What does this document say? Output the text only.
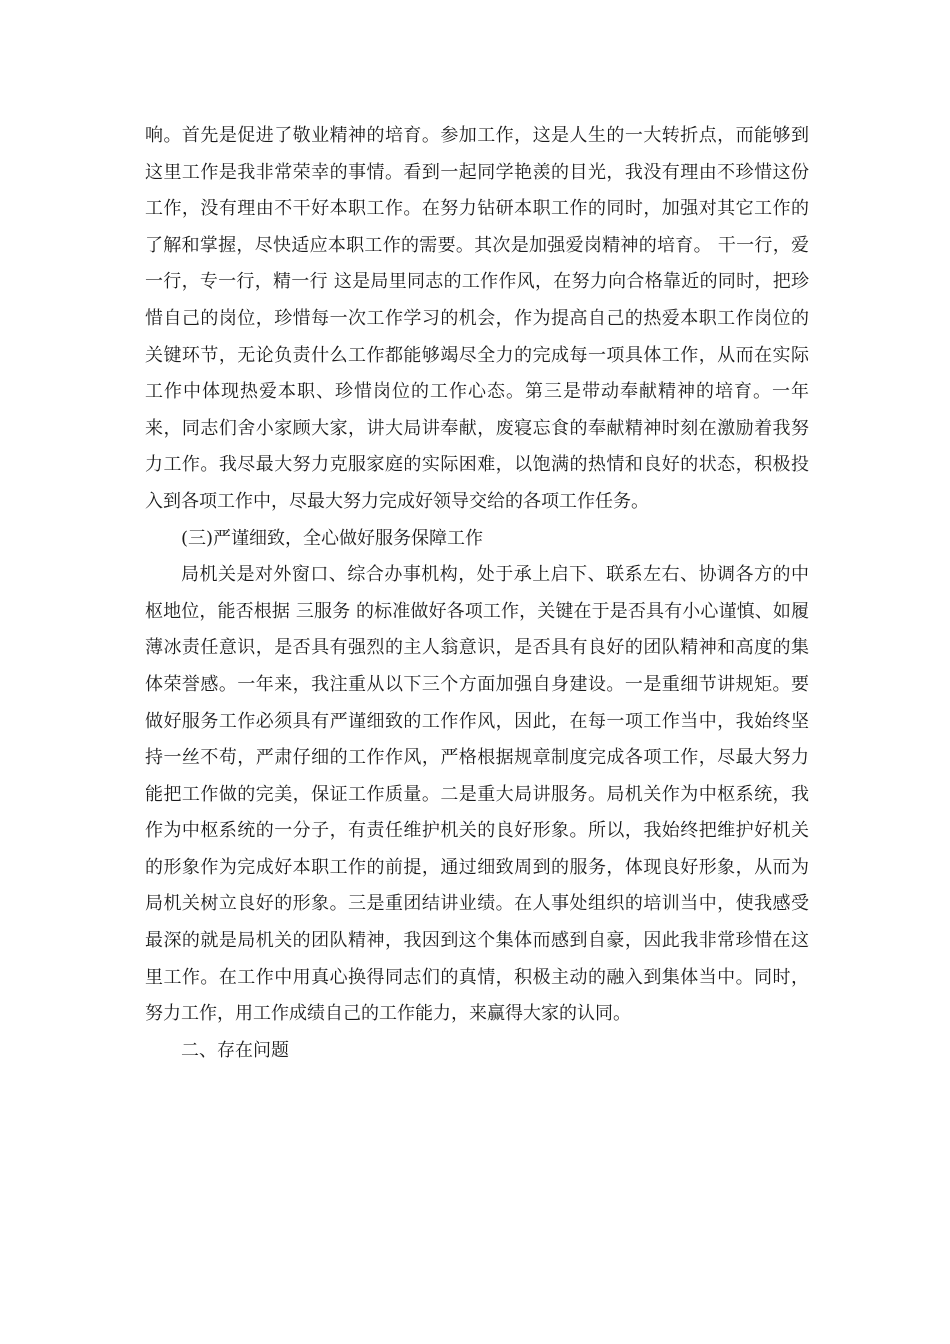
响。首先是促进了敬业精神的培育。参加工作，这是人生的一大转折点，而能够到这里工作是我非常荣幸的事情。看到一起同学艳羡的目光，我没有理由不珍惜这份工作，没有理由不干好本职工作。在努力钻研本职工作的同时，加强对其它工作的了解和掌握，尽快适应本职工作的需要。其次是加强爱岗精神的培育。 干一行，爱一行，专一行，精一行 这是局里同志的工作作风，在努力向合格靠近的同时，把珍惜自己的岗位，珍惜每一次工作学习的机会，作为提高自己的热爱本职工作岗位的关键环节，无论负责什么工作都能够竭尽全力的完成每一项具体工作，从而在实际工作中体现热爱本职、珍惜岗位的工作心态。第三是带动奉献精神的培育。一年来，同志们舍小家顾大家，讲大局讲奉献，废寝忘食的奉献精神时刻在激励着我努力工作。我尽最大努力克服家庭的实际困难，以饱满的热情和良好的状态，积极投入到各项工作中，尽最大努力完成好领导交给的各项工作任务。

(三)严谨细致，全心做好服务保障工作

局机关是对外窗口、综合办事机构，处于承上启下、联系左右、协调各方的中枢地位，能否根据 三服务 的标准做好各项工作，关键在于是否具有小心谨慎、如履薄冰责任意识，是否具有强烈的主人翁意识，是否具有良好的团队精神和高度的集体荣誉感。一年来，我注重从以下三个方面加强自身建设。一是重细节讲规矩。要做好服务工作必须具有严谨细致的工作作风，因此，在每一项工作当中，我始终坚持一丝不苟，严肃仔细的工作作风，严格根据规章制度完成各项工作，尽最大努力能把工作做的完美，保证工作质量。二是重大局讲服务。局机关作为中枢系统，我作为中枢系统的一分子，有责任维护机关的良好形象。所以，我始终把维护好机关的形象作为完成好本职工作的前提，通过细致周到的服务，体现良好形象，从而为局机关树立良好的形象。三是重团结讲业绩。在人事处组织的培训当中，使我感受最深的就是局机关的团队精神，我因到这个集体而感到自豪，因此我非常珍惜在这里工作。在工作中用真心换得同志们的真情，积极主动的融入到集体当中。同时，努力工作，用工作成绩自己的工作能力，来赢得大家的认同。

二、存在问题
